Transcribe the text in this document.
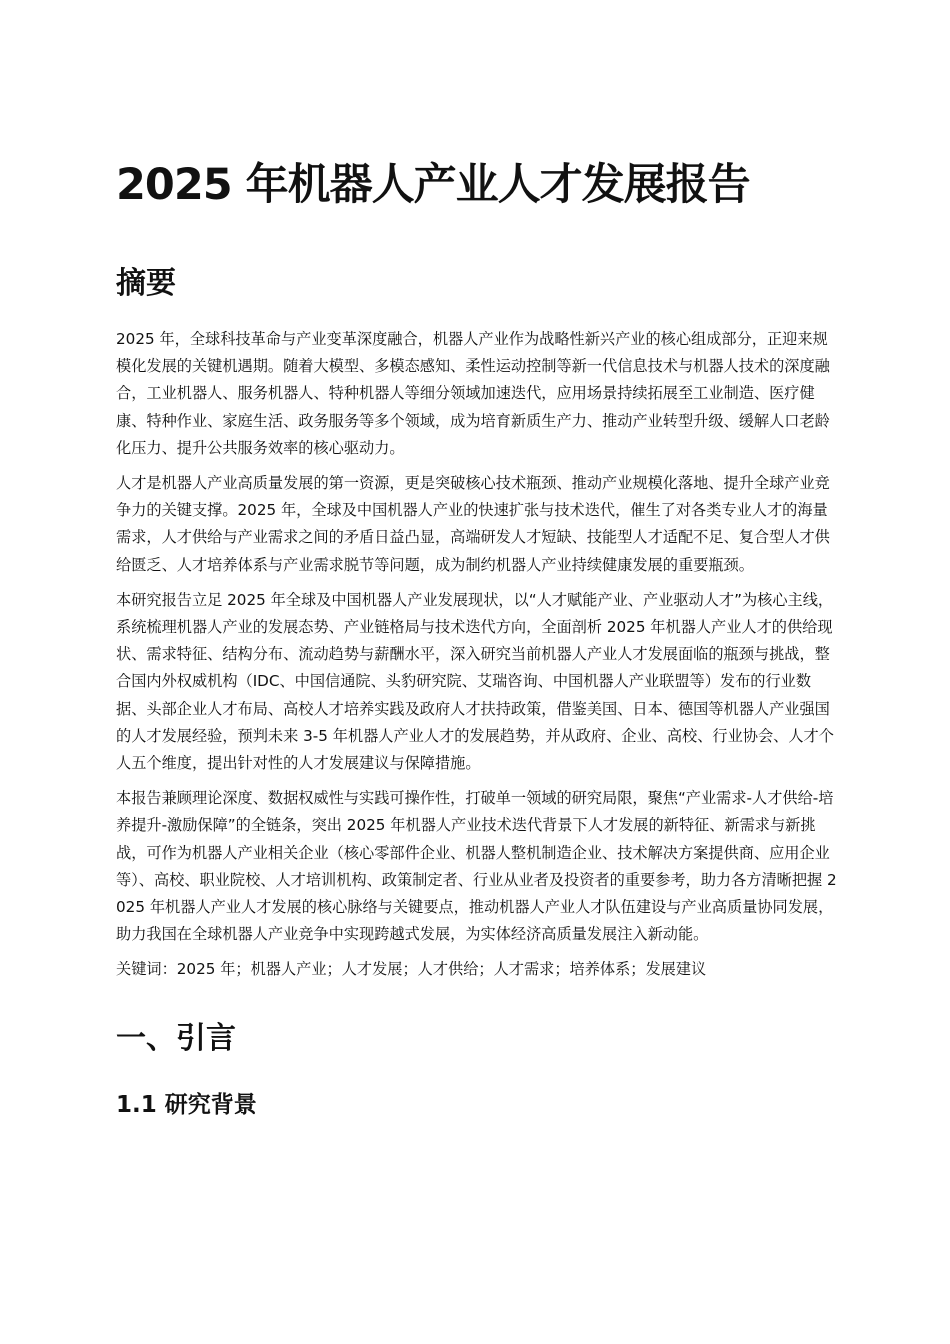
2025 年机器人产业人才发展报告
摘要

2025 年，全球科技革命与产业变革深度融合，机器人产业作为战略性新兴产业的核心组成部分，正迎来规模化发展的关键机遇期。随着大模型、多模态感知、柔性运动控制等新一代信息技术与机器人技术的深度融合，工业机器人、服务机器人、特种机器人等细分领域加速迭代，应用场景持续拓展至工业制造、医疗健康、特种作业、家庭生活、政务服务等多个领域，成为培育新质生产力、推动产业转型升级、缓解人口老龄化压力、提升公共服务效率的核心驱动力。

人才是机器人产业高质量发展的第一资源，更是突破核心技术瓶颈、推动产业规模化落地、提升全球产业竞争力的关键支撑。2025 年，全球及中国机器人产业的快速扩张与技术迭代，催生了对各类专业人才的海量需求，人才供给与产业需求之间的矛盾日益凸显，高端研发人才短缺、技能型人才适配不足、复合型人才供给匮乏、人才培养体系与产业需求脱节等问题，成为制约机器人产业持续健康发展的重要瓶颈。

本研究报告立足 2025 年全球及中国机器人产业发展现状，以“人才赋能产业、产业驱动人才”为核心主线，系统梳理机器人产业的发展态势、产业链格局与技术迭代方向，全面剖析 2025 年机器人产业人才的供给现状、需求特征、结构分布、流动趋势与薪酬水平，深入研究当前机器人产业人才发展面临的瓶颈与挑战，整合国内外权威机构（IDC、中国信通院、头豹研究院、艾瑞咨询、中国机器人产业联盟等）发布的行业数据、头部企业人才布局、高校人才培养实践及政府人才扶持政策，借鉴美国、日本、德国等机器人产业强国的人才发展经验，预判未来 3-5 年机器人产业人才的发展趋势，并从政府、企业、高校、行业协会、人才个人五个维度，提出针对性的人才发展建议与保障措施。

本报告兼顾理论深度、数据权威性与实践可操作性，打破单一领域的研究局限，聚焦“产业需求-人才供给-培养提升-激励保障”的全链条，突出 2025 年机器人产业技术迭代背景下人才发展的新特征、新需求与新挑战，可作为机器人产业相关企业（核心零部件企业、机器人整机制造企业、技术解决方案提供商、应用企业等）、高校、职业院校、人才培训机构、政策制定者、行业从业者及投资者的重要参考，助力各方清晰把握 2025 年机器人产业人才发展的核心脉络与关键要点，推动机器人产业人才队伍建设与产业高质量协同发展，助力我国在全球机器人产业竞争中实现跨越式发展，为实体经济高质量发展注入新动能。

关键词：2025 年；机器人产业；人才发展；人才供给；人才需求；培养体系；发展建议

一、引言
1.1 研究背景
